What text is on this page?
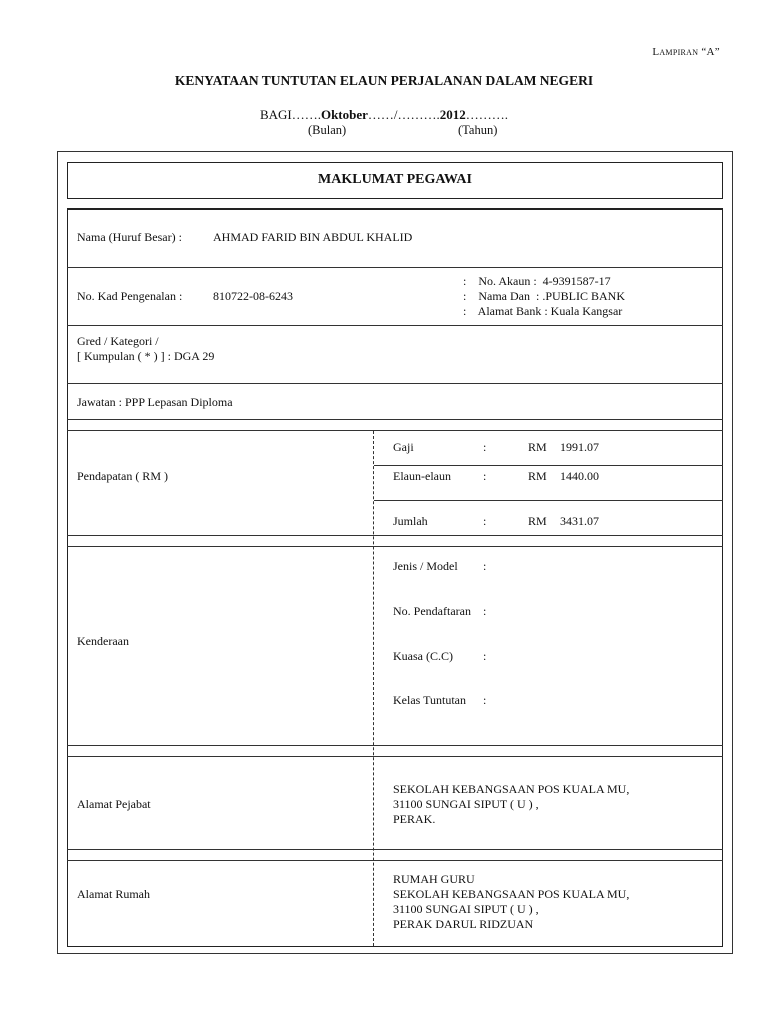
Lampiran “A”
KENYATAAN TUNTUTAN ELAUN PERJALANAN DALAM NEGERI
BAGI…….Oktober……/……….2012……….
(Bulan)	(Tahun)
MAKLUMAT PEGAWAI
Nama (Huruf Besar) :	AHMAD FARID BIN ABDUL KHALID
No. Kad Pengenalan :	810722-08-6243
:    No. Akaun :  4-9391587-17
:    Nama Dan  : .PUBLIC BANK
:    Alamat Bank : Kuala Kangsar
Gred / Kategori /
[ Kumpulan ( * ) ] : DGA 29
Jawatan : PPP Lepasan Diploma
Pendapatan ( RM )
Gaji	:	RM 1991.07
Elaun-elaun	:	RM 1440.00
Jumlah	:	RM 3431.07
Kenderaan
Jenis / Model :
No. Pendaftaran :
Kuasa (C.C)	:
Kelas Tuntutan :
Alamat Pejabat
SEKOLAH KEBANGSAAN POS KUALA MU,
31100 SUNGAI SIPUT ( U ) ,
PERAK.
Alamat Rumah
RUMAH GURU
SEKOLAH KEBANGSAAN POS KUALA MU,
31100 SUNGAI SIPUT ( U ) ,
PERAK DARUL RIDZUAN
